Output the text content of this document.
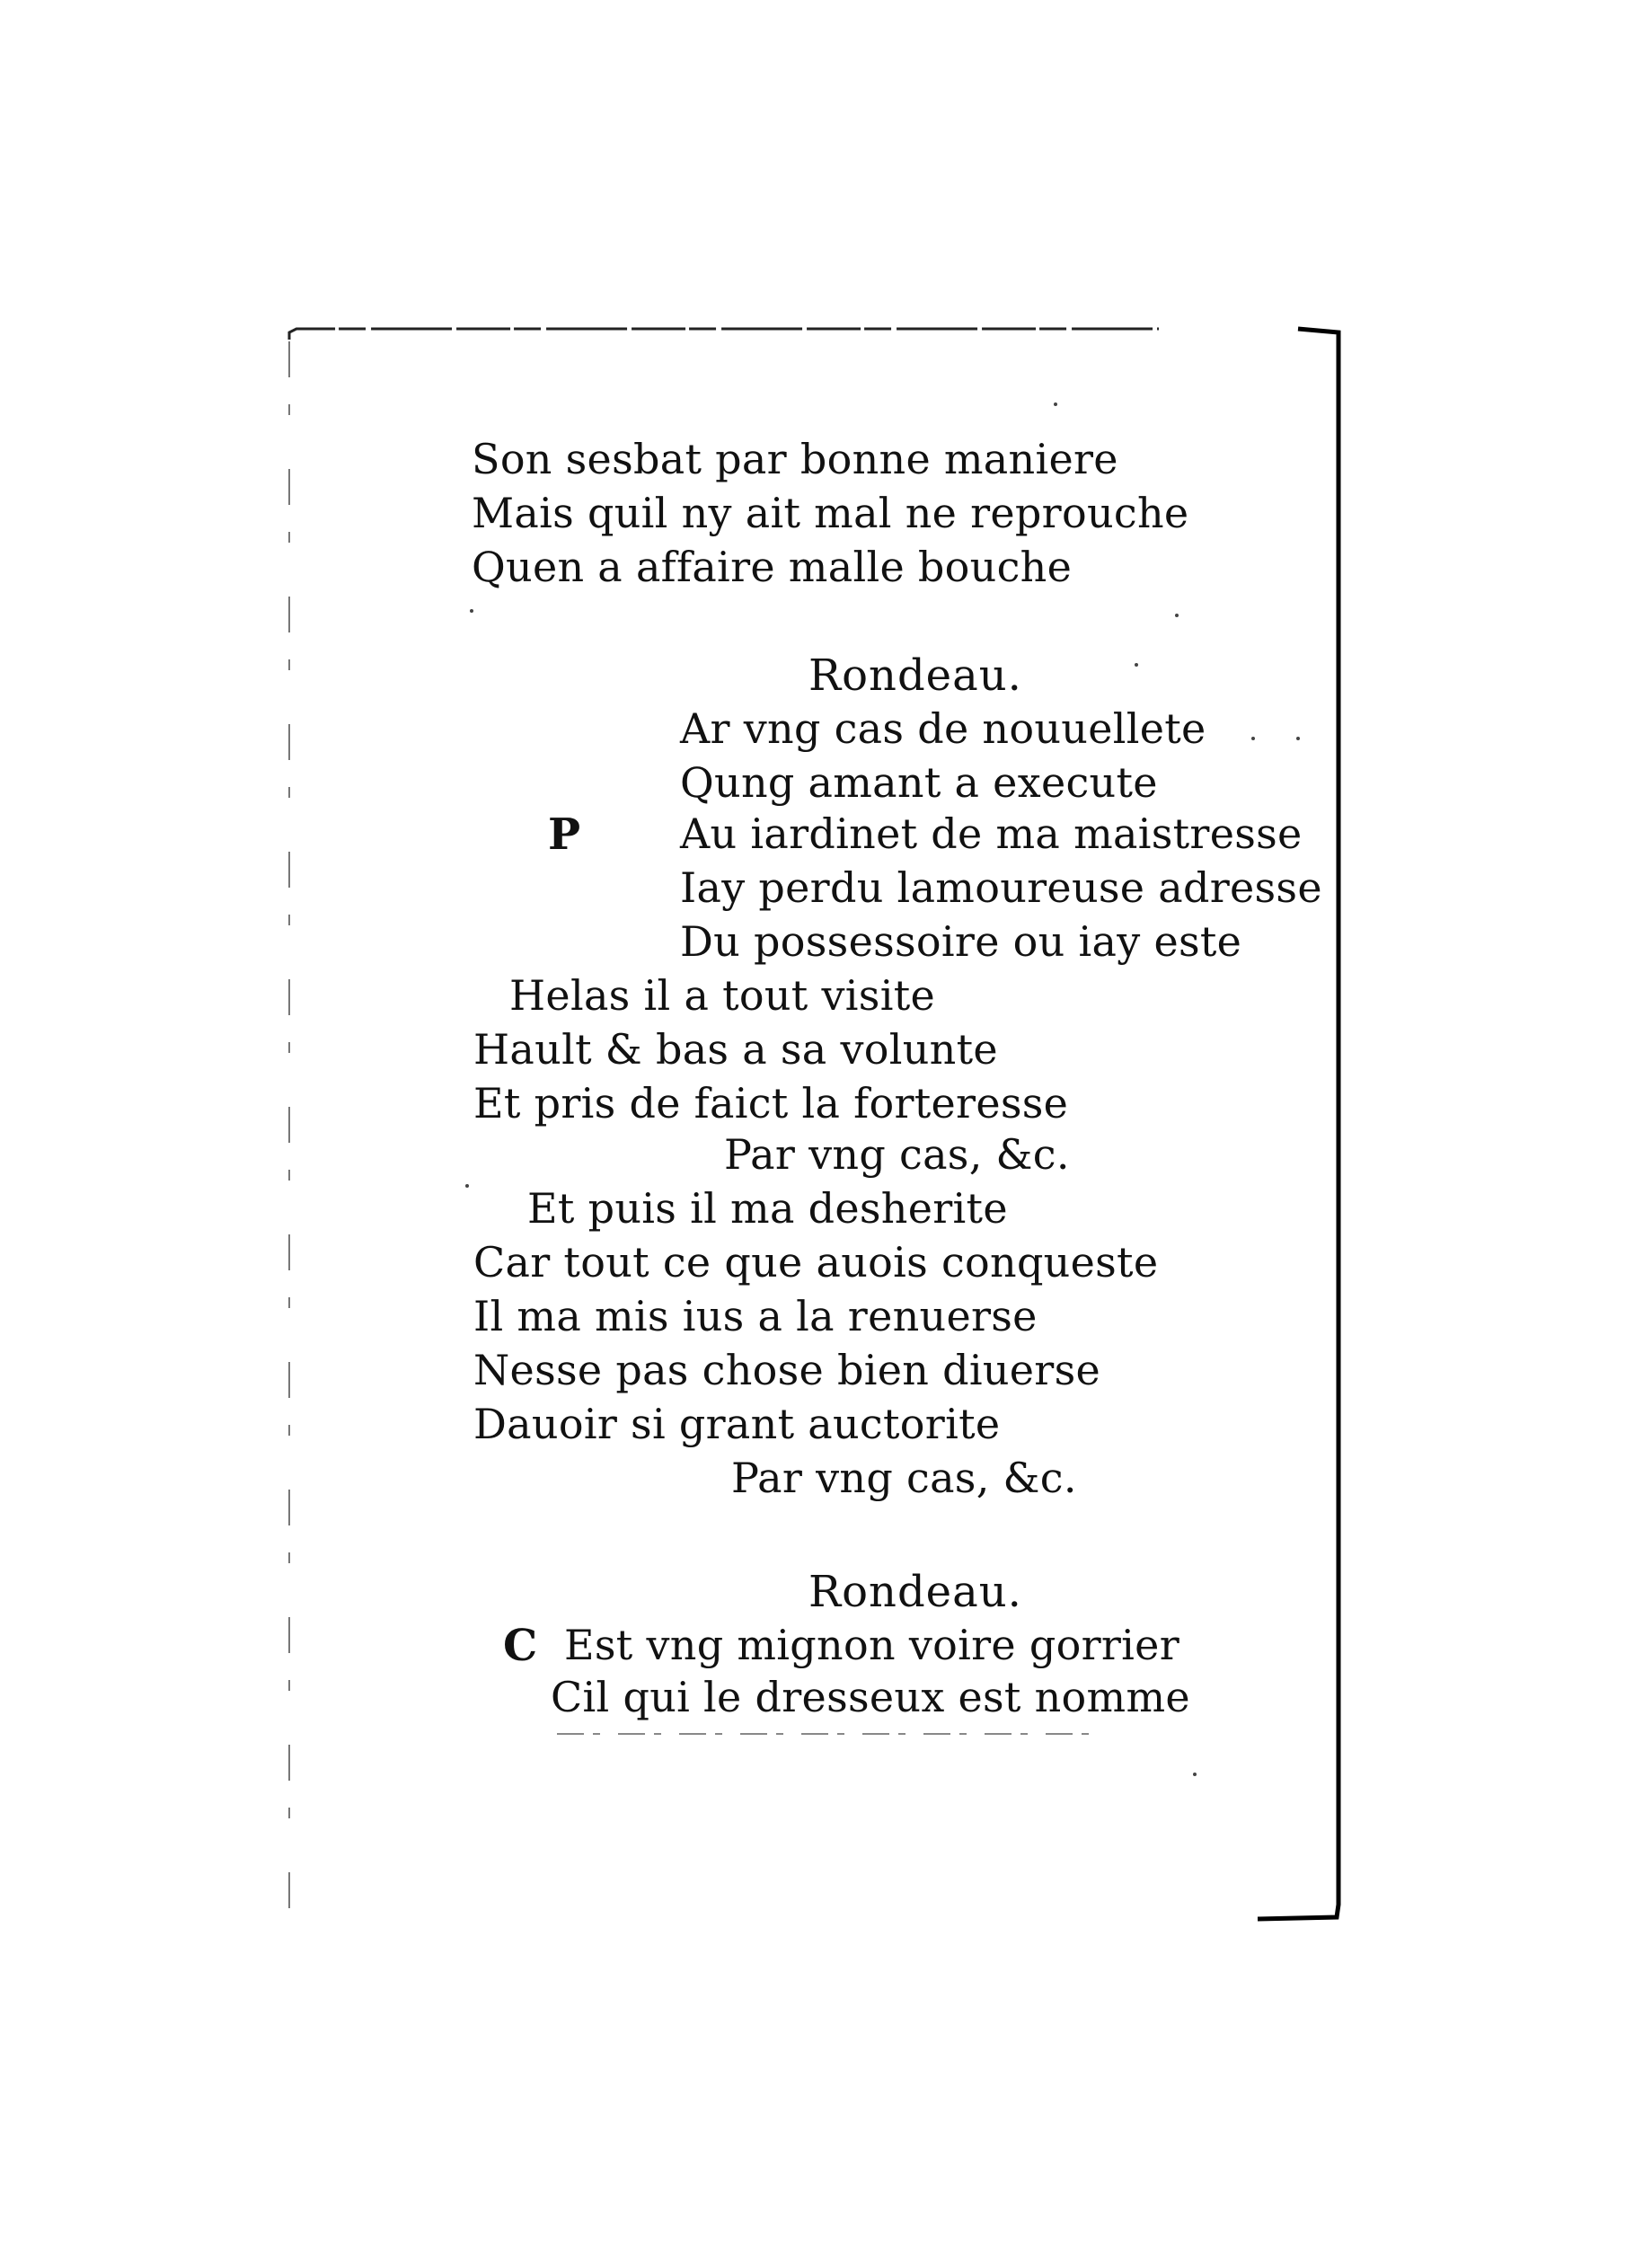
Son sesbat par bonne maniere
Mais quil ny ait mal ne reprouche
Quen a affaire malle bouche
Rondeau.
P
Ar vng cas de nouuellete
Qung amant a execute
Au iardinet de ma maistresse
Iay perdu lamoureuse adresse
Du possessoire ou iay este
Helas il a tout visite
Hault & bas a sa volunte
Et pris de faict la forteresse
Par vng cas, &c.
Et puis il ma desherite
Car tout ce que auois conqueste
Il ma mis ius a la renuerse
Nesse pas chose bien diuerse
Dauoir si grant auctorite
Par vng cas, &c.
Rondeau.
C Est vng mignon voire gorrier
Cil qui le dresseux est nomme
